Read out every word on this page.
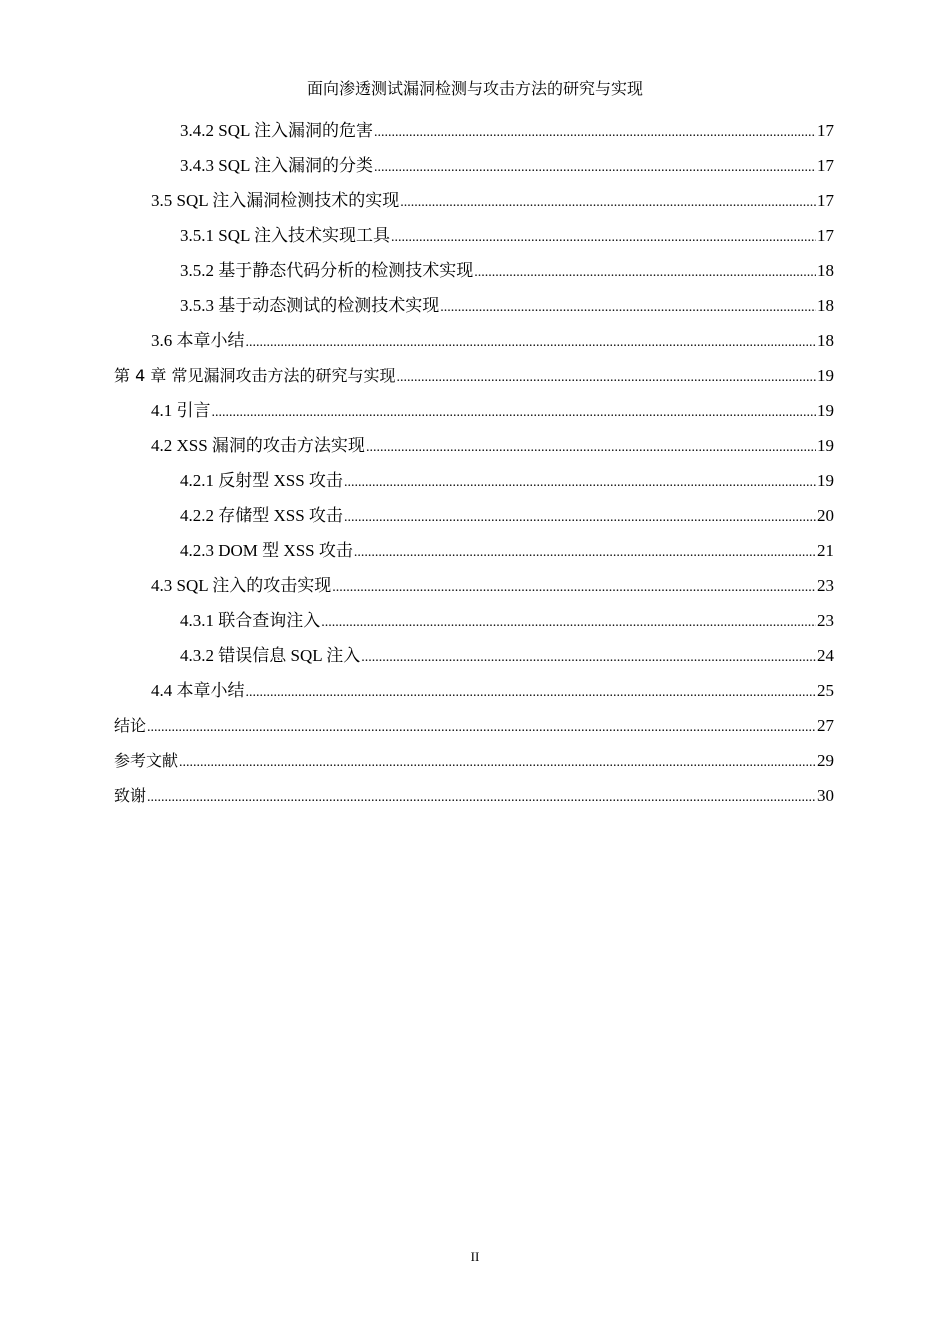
面向渗透测试漏洞检测与攻击方法的研究与实现
3.4.2 SQL 注入漏洞的危害 .....	17
3.4.3 SQL 注入漏洞的分类 .....	17
3.5 SQL 注入漏洞检测技术的实现 .....	17
3.5.1 SQL 注入技术实现工具 .....	17
3.5.2 基于静态代码分析的检测技术实现 .....	18
3.5.3 基于动态测试的检测技术实现 .....	18
3.6 本章小结 .....	18
第 4 章 常见漏洞攻击方法的研究与实现 .....	19
4.1 引言 .....	19
4.2 XSS 漏洞的攻击方法实现 .....	19
4.2.1 反射型 XSS 攻击 .....	19
4.2.2 存储型 XSS 攻击 .....	20
4.2.3 DOM 型 XSS 攻击 .....	21
4.3 SQL 注入的攻击实现 .....	23
4.3.1 联合查询注入 .....	23
4.3.2 错误信息 SQL 注入 .....	24
4.4 本章小结 .....	25
结论 .....	27
参考文献 .....	29
致谢 .....	30
II
